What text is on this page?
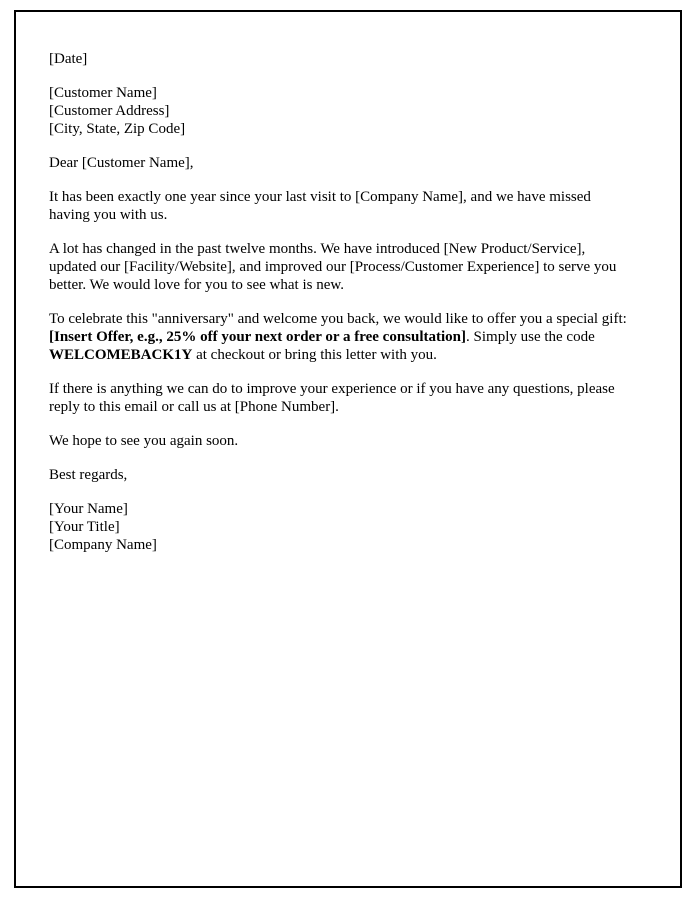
[Date]

[Customer Name]
[Customer Address]
[City, State, Zip Code]

Dear [Customer Name],

It has been exactly one year since your last visit to [Company Name], and we have missed having you with us.

A lot has changed in the past twelve months. We have introduced [New Product/Service], updated our [Facility/Website], and improved our [Process/Customer Experience] to serve you better. We would love for you to see what is new.

To celebrate this "anniversary" and welcome you back, we would like to offer you a special gift: [Insert Offer, e.g., 25% off your next order or a free consultation]. Simply use the code WELCOMEBACK1Y at checkout or bring this letter with you.

If there is anything we can do to improve your experience or if you have any questions, please reply to this email or call us at [Phone Number].

We hope to see you again soon.

Best regards,

[Your Name]
[Your Title]
[Company Name]
